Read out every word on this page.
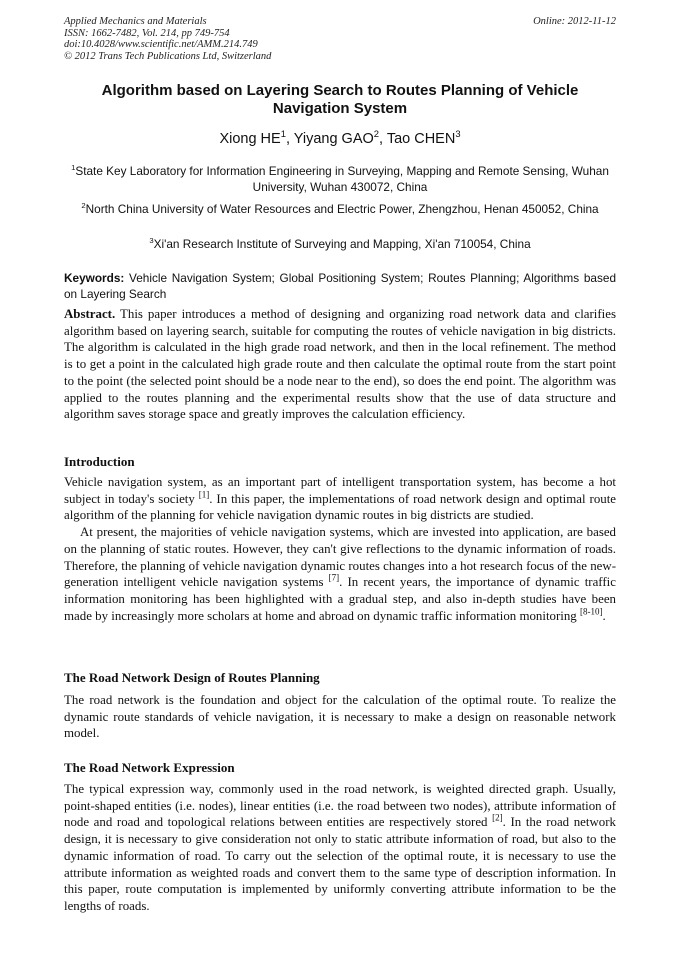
Applied Mechanics and Materials
ISSN: 1662-7482, Vol. 214, pp 749-754
doi:10.4028/www.scientific.net/AMM.214.749
© 2012 Trans Tech Publications Ltd, Switzerland
Online: 2012-11-12
Algorithm based on Layering Search to Routes Planning of Vehicle Navigation System
Xiong $HE^1$, Yiyang GAO$^2$, Tao CHEN$^3$
$^1$State Key Laboratory for Information Engineering in Surveying, Mapping and Remote Sensing, Wuhan University, Wuhan 430072, China
$^2$North China University of Water Resources and Electric Power, Zhengzhou, Henan 450052, China
$^3$Xi'an Research Institute of Surveying and Mapping, Xi'an 710054, China
Keywords: Vehicle Navigation System; Global Positioning System; Routes Planning; Algorithms based on Layering Search

Abstract. This paper introduces a method of designing and organizing road network data and clarifies algorithm based on layering search, suitable for computing the routes of vehicle navigation in big districts. The algorithm is calculated in the high grade road network, and then in the local refinement. The method is to get a point in the calculated high grade route and then calculate the optimal route from the start point to the point (the selected point should be a node near to the end), so does the end point. The algorithm was applied to the routes planning and the experimental results show that the use of data structure and algorithm saves storage space and greatly improves the calculation efficiency.

Introduction

Vehicle navigation system, as an important part of intelligent transportation system, has become a hot subject in today's society [1]. In this paper, the implementations of road network design and optimal route algorithm of the planning for vehicle navigation dynamic routes in big districts are studied.

At present, the majorities of vehicle navigation systems, which are invested into application, are based on the planning of static routes. However, they can't give reflections to the dynamic information of roads. Therefore, the planning of vehicle navigation dynamic routes changes into a hot research focus of the new-generation intelligent vehicle navigation systems [7]. In recent years, the importance of dynamic traffic information monitoring has been highlighted with a gradual step, and also in-depth studies have been made by increasingly more scholars at home and abroad on dynamic traffic information monitoring [8-10].

The Road Network Design of Routes Planning

The road network is the foundation and object for the calculation of the optimal route. To realize the dynamic route standards of vehicle navigation, it is necessary to make a design on reasonable network model.

The Road Network Expression

The typical expression way, commonly used in the road network, is weighted directed graph. Usually, point-shaped entities (i.e. nodes), linear entities (i.e. the road between two nodes), attribute information of node and road and topological relations between entities are respectively stored [2]. In the road network design, it is necessary to give consideration not only to static attribute information of road, but also to the dynamic information of road. To carry out the selection of the optimal route, it is necessary to use the attribute information as weighted roads and convert them to the same type of description information. In this paper, route computation is implemented by uniformly converting attribute information to be the lengths of roads.
